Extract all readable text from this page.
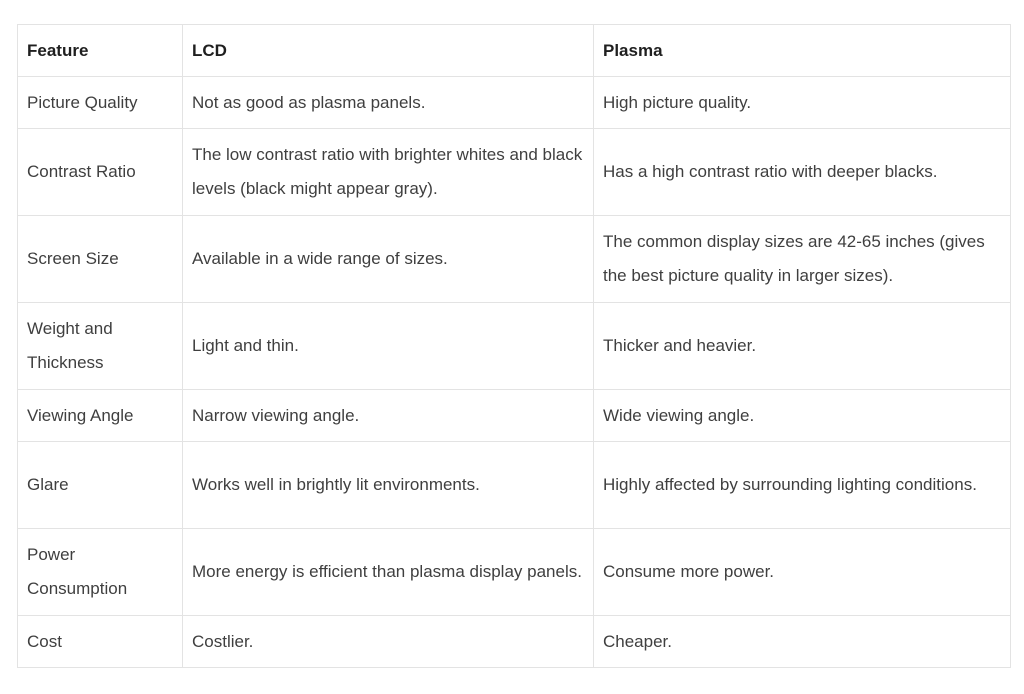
Feature	LCD	Plasma
Picture Quality	Not as good as plasma panels.	High picture quality.
Contrast Ratio	The low contrast ratio with brighter whites and black levels (black might appear gray).	Has a high contrast ratio with deeper blacks.
Screen Size	Available in a wide range of sizes.	The common display sizes are 42-65 inches (gives the best picture quality in larger sizes).
Weight and Thickness	Light and thin.	Thicker and heavier.
Viewing Angle	Narrow viewing angle.	Wide viewing angle.
Glare	Works well in brightly lit environments.	Highly affected by surrounding lighting conditions.
Power Consumption	More energy is efficient than plasma display panels.	Consume more power.
Cost	Costlier.	Cheaper.
